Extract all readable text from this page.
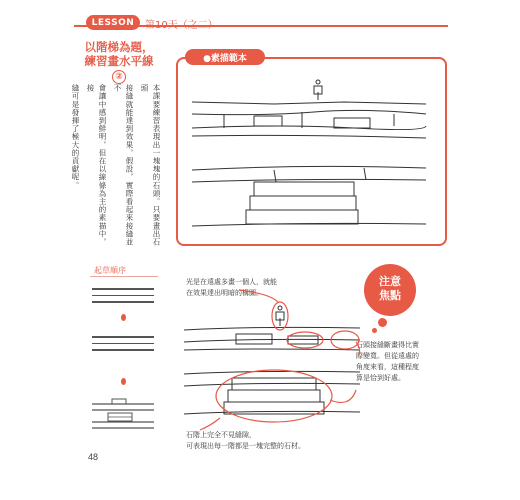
LESSON	第10天（之二）
以階梯為題，
練習畫水平線
②

本課要練習表現出一塊塊的石頭。只要畫出石頭

接縫就能達到效果，假設，實際看起來接縫並不

會讓中感到鮮明，但在以線條為主的素描中，接

縫可是發揮了極大的貢獻呢。

起草順序
●素描範本
注意
焦點
光是在遠處多畫一個人，就能
在效果達出明暗的構圖。
石頭接縫斷畫得比實
際變寬。但從遠處的
角度來看，這種程度
算是恰到好處。
石階上完全不見縫隙，
可表現出每一階都是一塊完整的石材。
48
